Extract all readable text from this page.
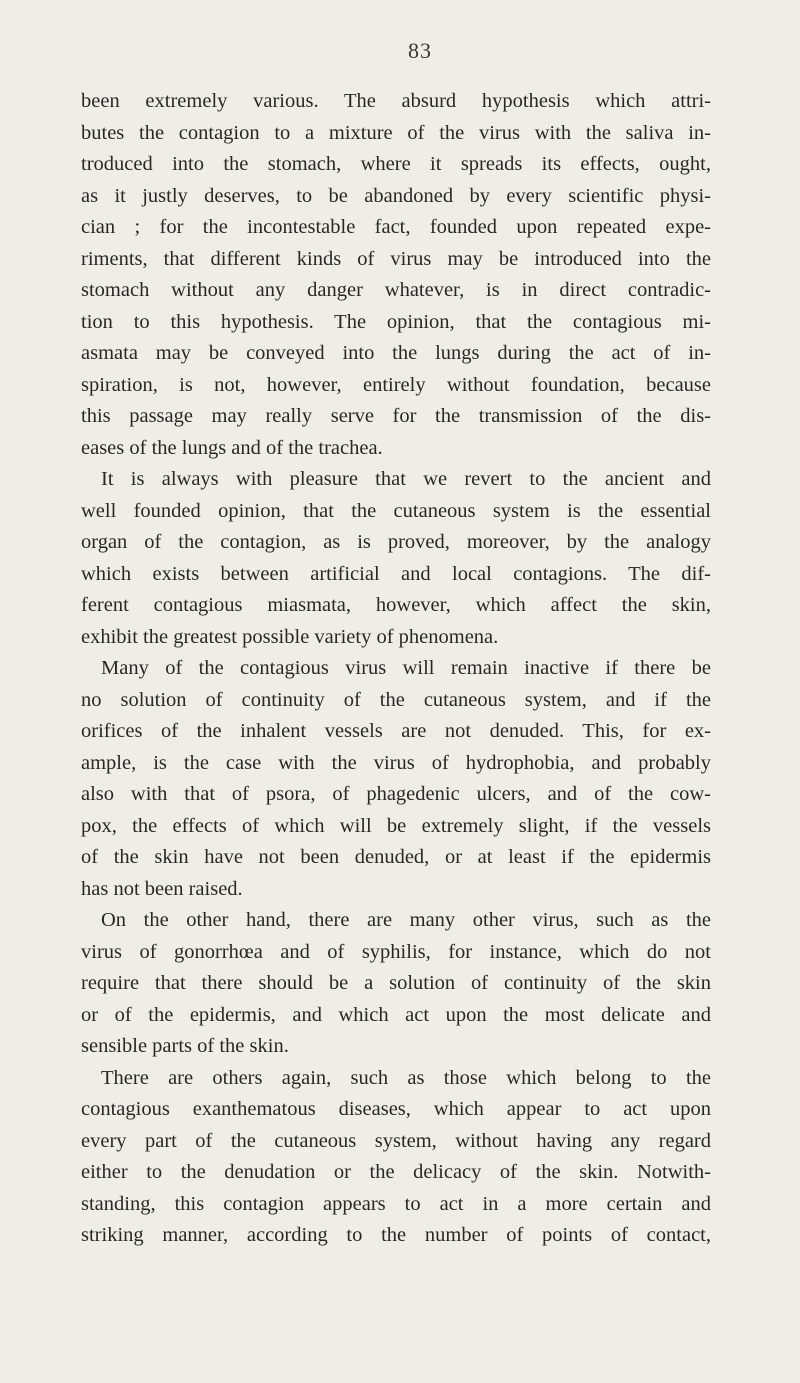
83
been extremely various. The absurd hypothesis which attri-
butes the contagion to a mixture of the virus with the saliva in-
troduced into the stomach, where it spreads its effects, ought,
as it justly deserves, to be abandoned by every scientific physi-
cian ; for the incontestable fact, founded upon repeated expe-
riments, that different kinds of virus may be introduced into the
stomach without any danger whatever, is in direct contradic-
tion to this hypothesis. The opinion, that the contagious mi-
asmata may be conveyed into the lungs during the act of in-
spiration, is not, however, entirely without foundation, because
this passage may really serve for the transmission of the dis-
eases of the lungs and of the trachea.
It is always with pleasure that we revert to the ancient and
well founded opinion, that the cutaneous system is the essential
organ of the contagion, as is proved, moreover, by the analogy
which exists between artificial and local contagions. The dif-
ferent contagious miasmata, however, which affect the skin,
exhibit the greatest possible variety of phenomena.
Many of the contagious virus will remain inactive if there be
no solution of continuity of the cutaneous system, and if the
orifices of the inhalent vessels are not denuded. This, for ex-
ample, is the case with the virus of hydrophobia, and probably
also with that of psora, of phagedenic ulcers, and of the cow-
pox, the effects of which will be extremely slight, if the vessels
of the skin have not been denuded, or at least if the epidermis
has not been raised.
On the other hand, there are many other virus, such as the
virus of gonorrhœa and of syphilis, for instance, which do not
require that there should be a solution of continuity of the skin
or of the epidermis, and which act upon the most delicate and
sensible parts of the skin.
There are others again, such as those which belong to the
contagious exanthematous diseases, which appear to act upon
every part of the cutaneous system, without having any regard
either to the denudation or the delicacy of the skin. Notwith-
standing, this contagion appears to act in a more certain and
striking manner, according to the number of points of contact,
